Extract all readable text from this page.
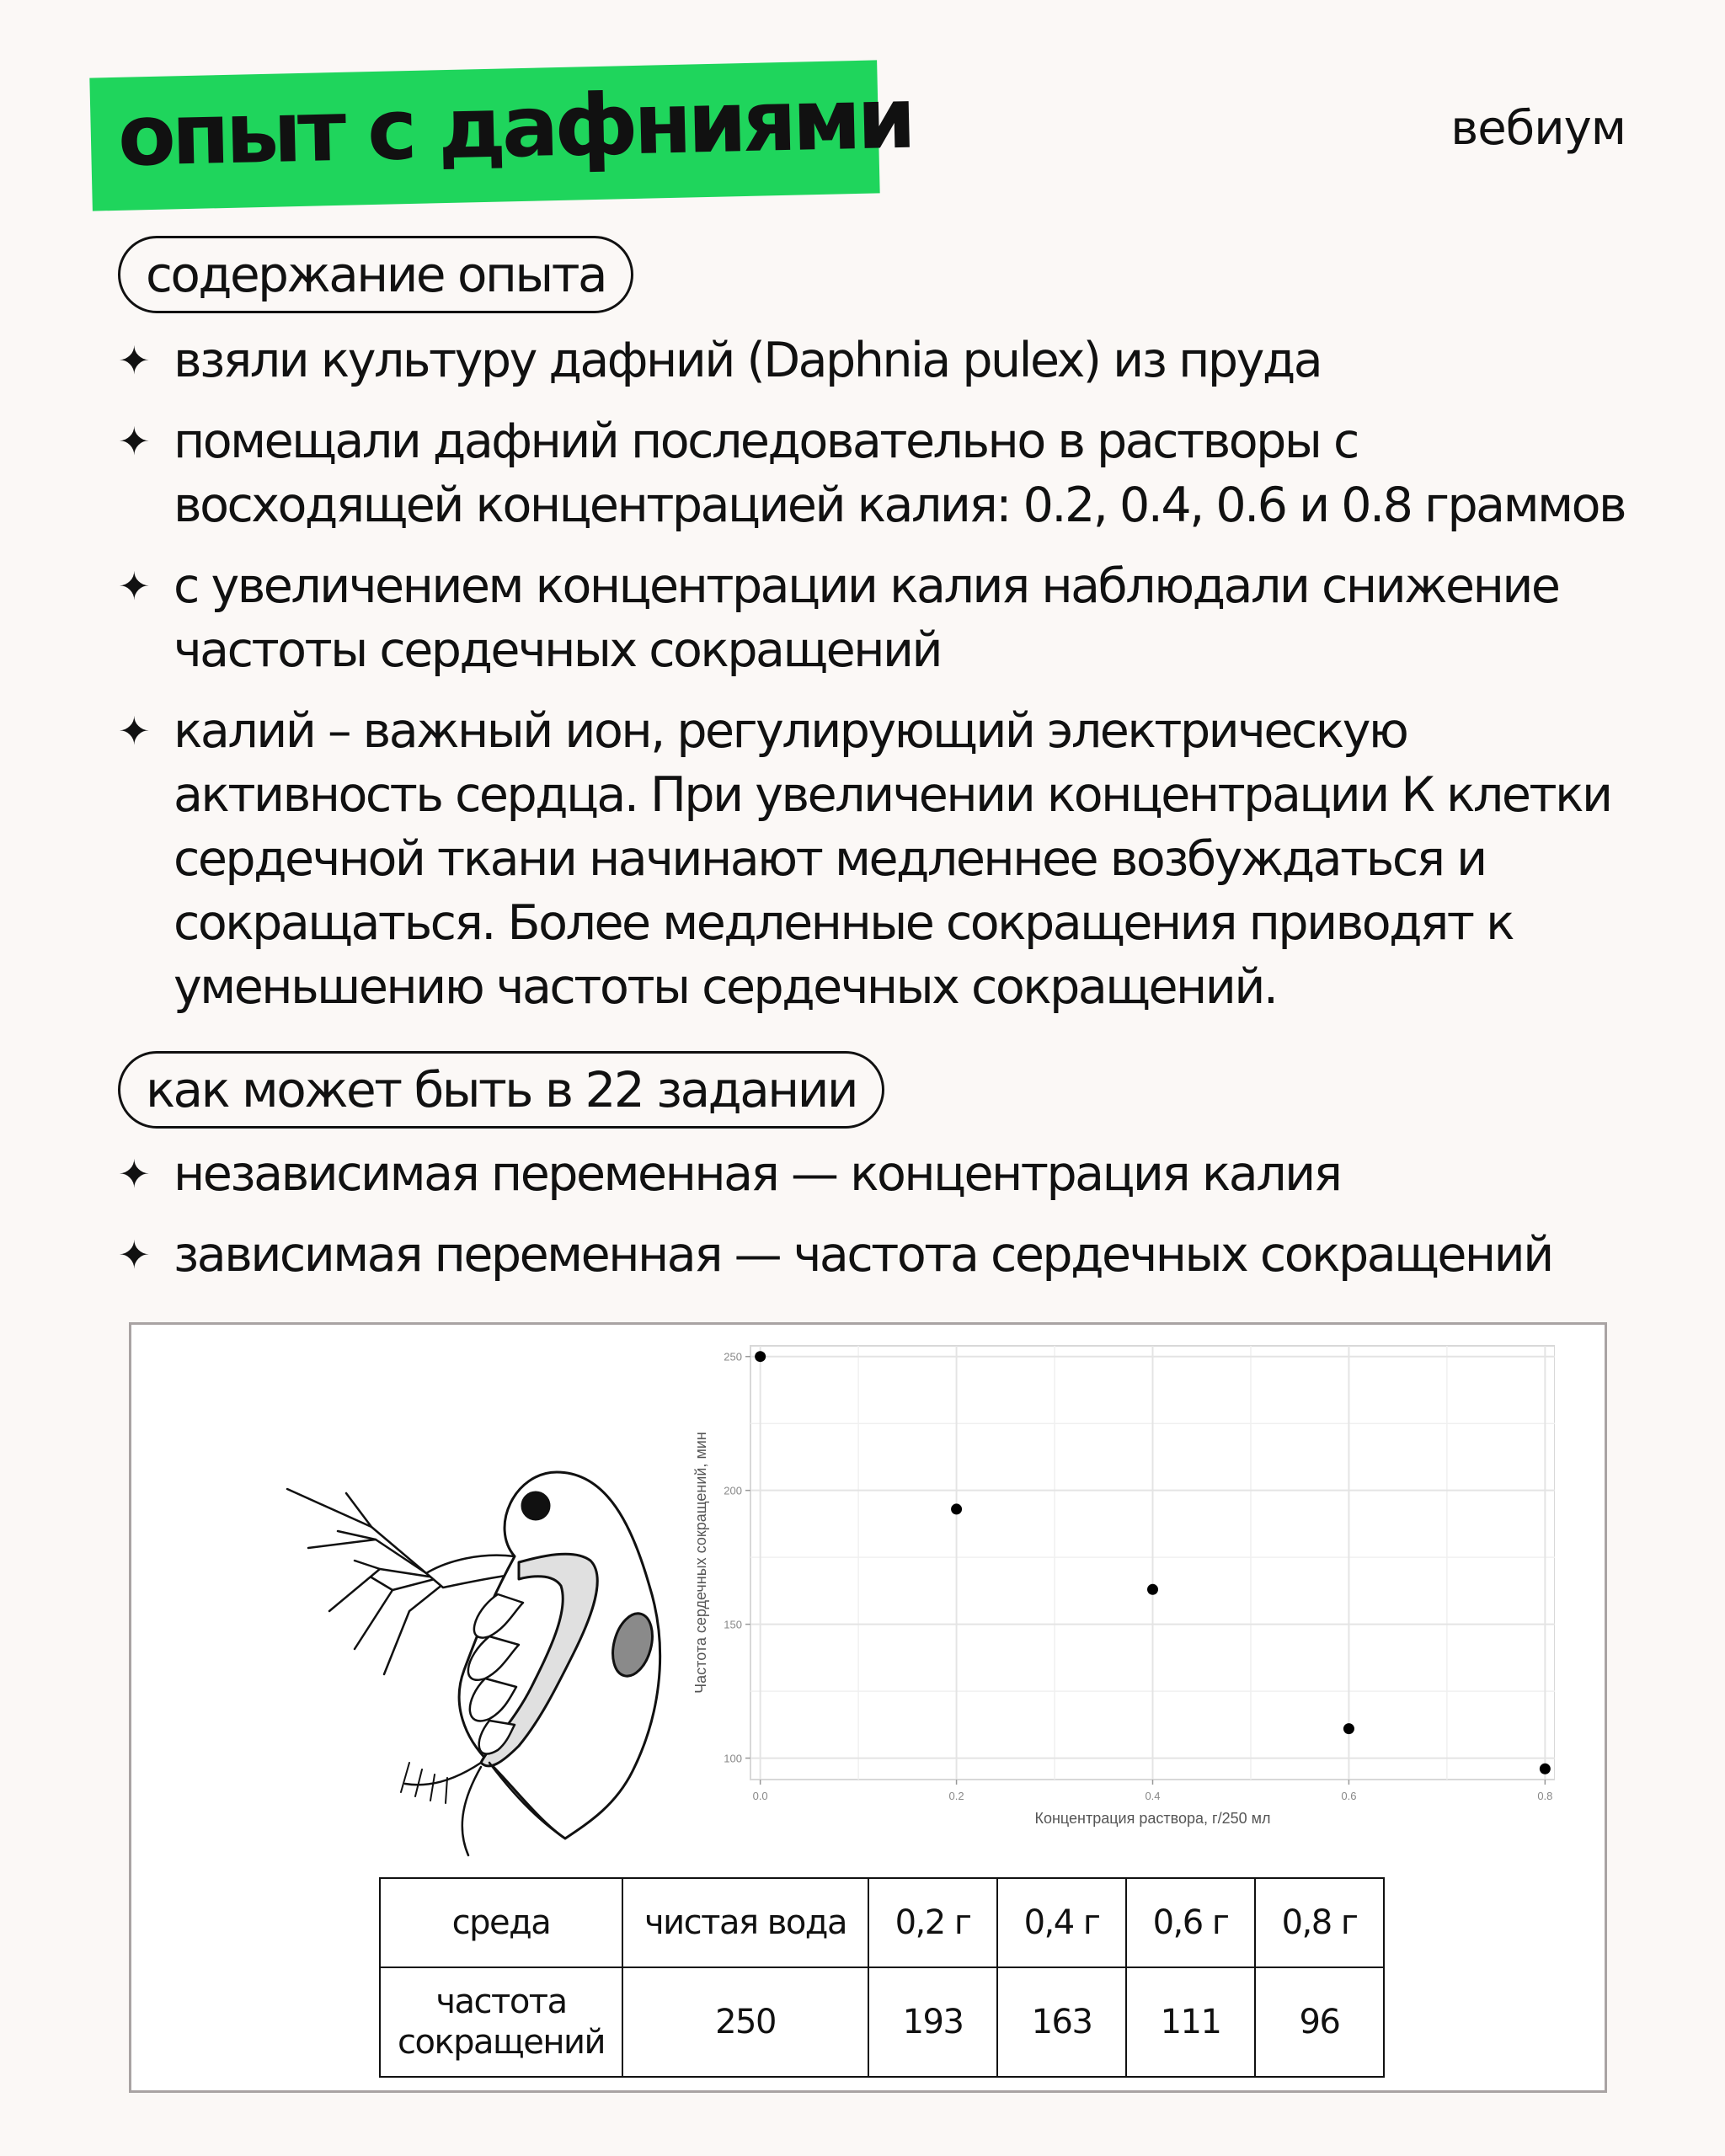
опыт с дафниями	вебиум
содержание опыта
✦ взяли культуру дафний (Daphnia pulex) из пруда
✦ помещали дафний последовательно в растворы с
восходящей концентрацией калия: 0.2, 0.4, 0.6 и 0.8 граммов
✦ с увеличением концентрации калия наблюдали снижение
частоты сердечных сокращений
✦ калий – важный ион, регулирующий электрическую
активность сердца. При увеличении концентрации К клетки
сердечной ткани начинают медленнее возбуждаться и
сокращаться. Более медленные сокращения приводят к
уменьшению частоты сердечных сокращений.
как может быть в 22 задании
✦ независимая переменная — концентрация калия
✦ зависимая переменная — частота сердечных сокращений
0.0	0.2	0.4	0.6	0.8
100
150
200
250
Концентрация раствора, г/250 мл
Частота сердечных сокращений, мин
среда	чистая вода	0,2 г	0,4 г	0,6 г	0,8 г

частота
сокращений	250	193	163	111	96
